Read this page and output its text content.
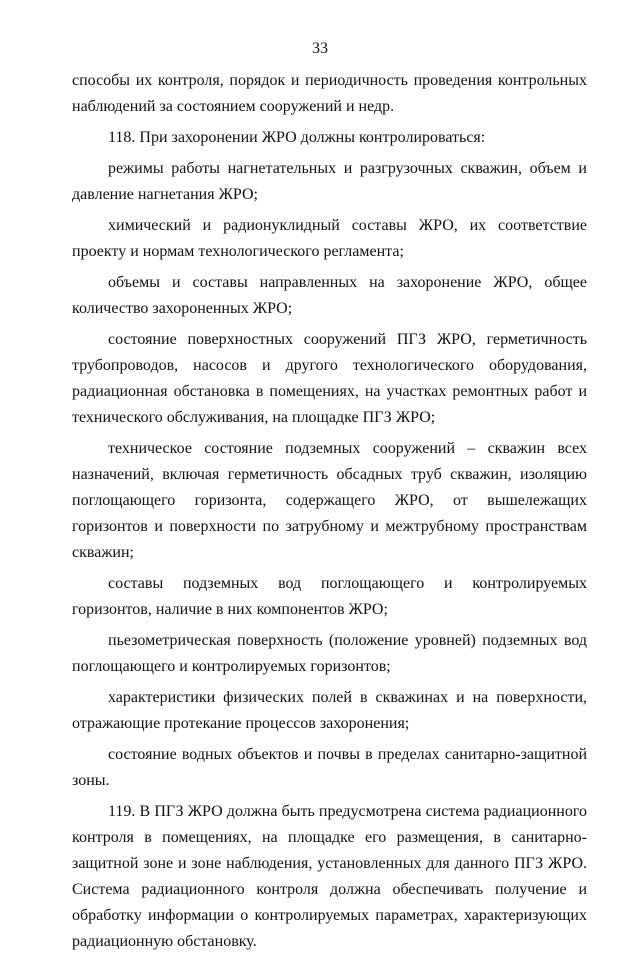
33

способы их контроля, порядок и периодичность проведения контрольных наблюдений за состоянием сооружений и недр.

118. При захоронении ЖРО должны контролироваться:

режимы работы нагнетательных и разгрузочных скважин, объем и давление нагнетания ЖРО;

химический и радионуклидный составы ЖРО, их соответствие проекту и нормам технологического регламента;

объемы и составы направленных на захоронение ЖРО, общее количество захороненных ЖРО;

состояние поверхностных сооружений ПГЗ ЖРО, герметичность трубопроводов, насосов и другого технологического оборудования, радиационная обстановка в помещениях, на участках ремонтных работ и технического обслуживания, на площадке ПГЗ ЖРО;

техническое состояние подземных сооружений – скважин всех назначений, включая герметичность обсадных труб скважин, изоляцию поглощающего горизонта, содержащего ЖРО, от вышележащих горизонтов и поверхности по затрубному и межтрубному пространствам скважин;

составы подземных вод поглощающего и контролируемых горизонтов, наличие в них компонентов ЖРО;

пьезометрическая поверхность (положение уровней) подземных вод поглощающего и контролируемых горизонтов;

характеристики физических полей в скважинах и на поверхности, отражающие протекание процессов захоронения;

состояние водных объектов и почвы в пределах санитарно-защитной зоны.

119. В ПГЗ ЖРО должна быть предусмотрена система радиационного контроля в помещениях, на площадке его размещения, в санитарно-защитной зоне и зоне наблюдения, установленных для данного ПГЗ ЖРО. Система радиационного контроля должна обеспечивать получение и обработку информации о контролируемых параметрах, характеризующих радиационную обстановку.
